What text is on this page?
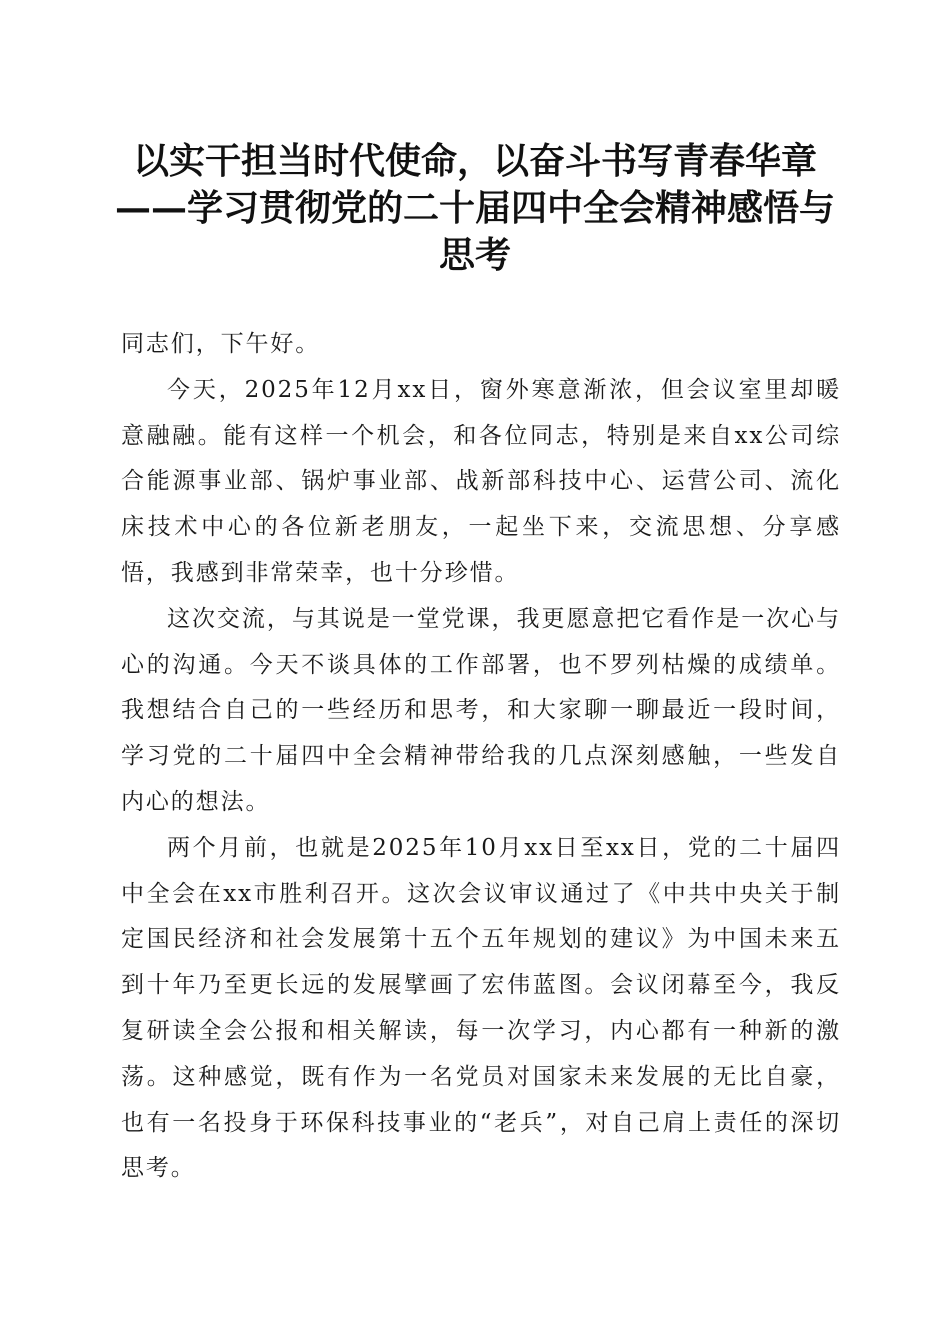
以实干担当时代使命，以奋斗书写青春华章
——学习贯彻党的二十届四中全会精神感悟与
思考

同志们，下午好。

今天，2025年12月xx日，窗外寒意渐浓，但会议室里却暖意融融。能有这样一个机会，和各位同志，特别是来自xx公司综合能源事业部、锅炉事业部、战新部科技中心、运营公司、流化床技术中心的各位新老朋友，一起坐下来，交流思想、分享感悟，我感到非常荣幸，也十分珍惜。

这次交流，与其说是一堂党课，我更愿意把它看作是一次心与心的沟通。今天不谈具体的工作部署，也不罗列枯燥的成绩单。我想结合自己的一些经历和思考，和大家聊一聊最近一段时间，学习党的二十届四中全会精神带给我的几点深刻感触，一些发自内心的想法。

两个月前，也就是2025年10月xx日至xx日，党的二十届四中全会在xx市胜利召开。这次会议审议通过了《中共中央关于制定国民经济和社会发展第十五个五年规划的建议》为中国未来五到十年乃至更长远的发展擘画了宏伟蓝图。会议闭幕至今，我反复研读全会公报和相关解读，每一次学习，内心都有一种新的激荡。这种感觉，既有作为一名党员对国家未来发展的无比自豪，也有一名投身于环保科技事业的“老兵”，对自己肩上责任的深切思考。
